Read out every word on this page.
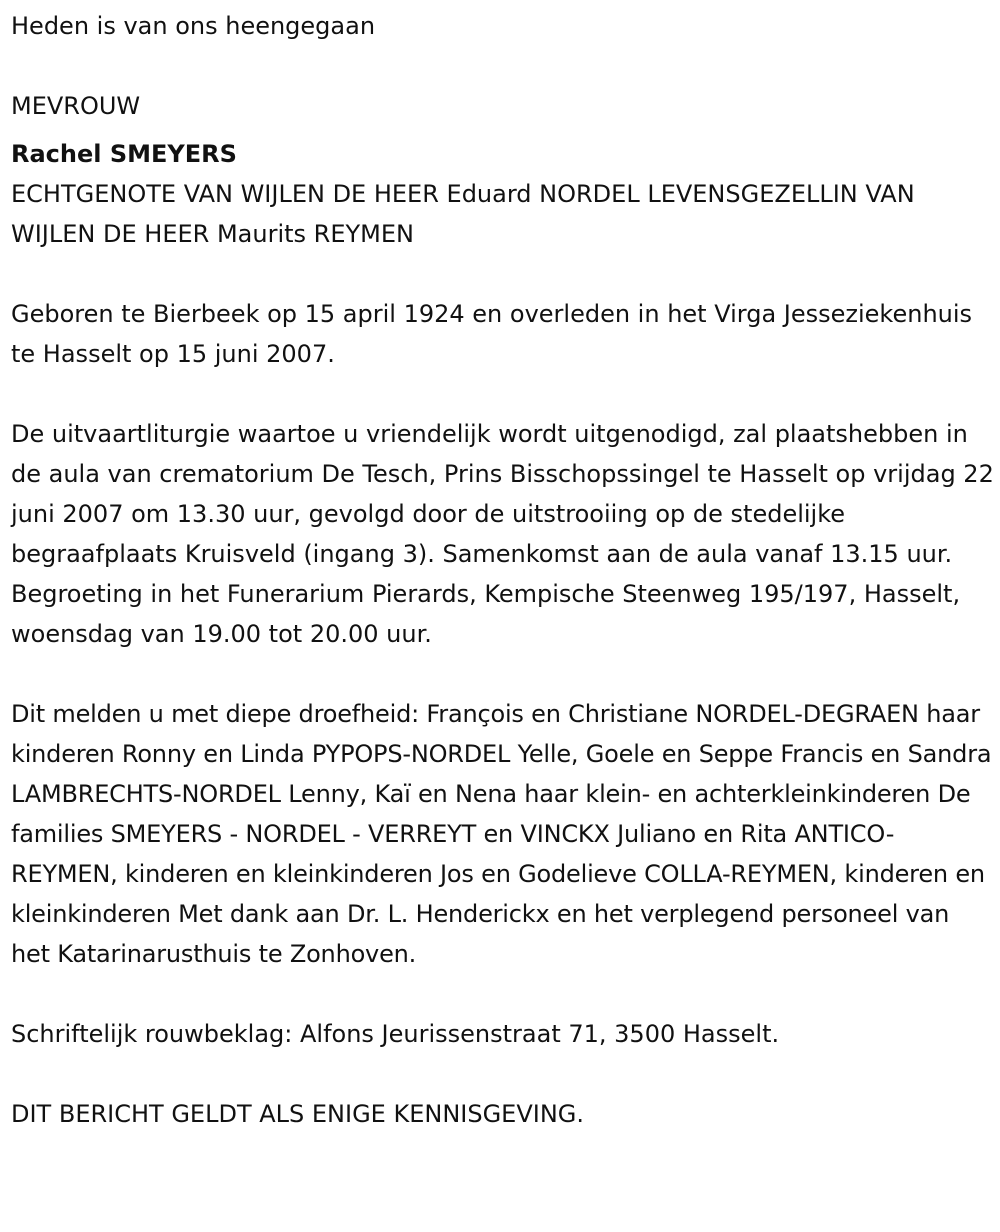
Heden is van ons heengegaan

MEVROUW

Rachel SMEYERS

ECHTGENOTE VAN WIJLEN DE HEER Eduard NORDEL LEVENSGEZELLIN VAN WIJLEN DE HEER Maurits REYMEN

Geboren te Bierbeek op 15 april 1924 en overleden in het Virga Jesseziekenhuis te Hasselt op 15 juni 2007.

De uitvaartliturgie waartoe u vriendelijk wordt uitgenodigd, zal plaatshebben in de aula van crematorium De Tesch, Prins Bisschopssingel te Hasselt op vrijdag 22 juni 2007 om 13.30 uur, gevolgd door de uitstrooiing op de stedelijke begraafplaats Kruisveld (ingang 3). Samenkomst aan de aula vanaf 13.15 uur. Begroeting in het Funerarium Pierards, Kempische Steenweg 195/197, Hasselt, woensdag van 19.00 tot 20.00 uur.

Dit melden u met diepe droefheid: François en Christiane NORDEL-DEGRAEN haar kinderen Ronny en Linda PYPOPS-NORDEL Yelle, Goele en Seppe Francis en Sandra LAMBRECHTS-NORDEL Lenny, Kaï en Nena haar klein- en achterkleinkinderen De families SMEYERS - NORDEL - VERREYT en VINCKX Juliano en Rita ANTICO-REYMEN, kinderen en kleinkinderen Jos en Godelieve COLLA-REYMEN, kinderen en kleinkinderen Met dank aan Dr. L. Henderickx en het verplegend personeel van het Katarinarusthuis te Zonhoven.

Schriftelijk rouwbeklag: Alfons Jeurissenstraat 71, 3500 Hasselt.

DIT BERICHT GELDT ALS ENIGE KENNISGEVING.
